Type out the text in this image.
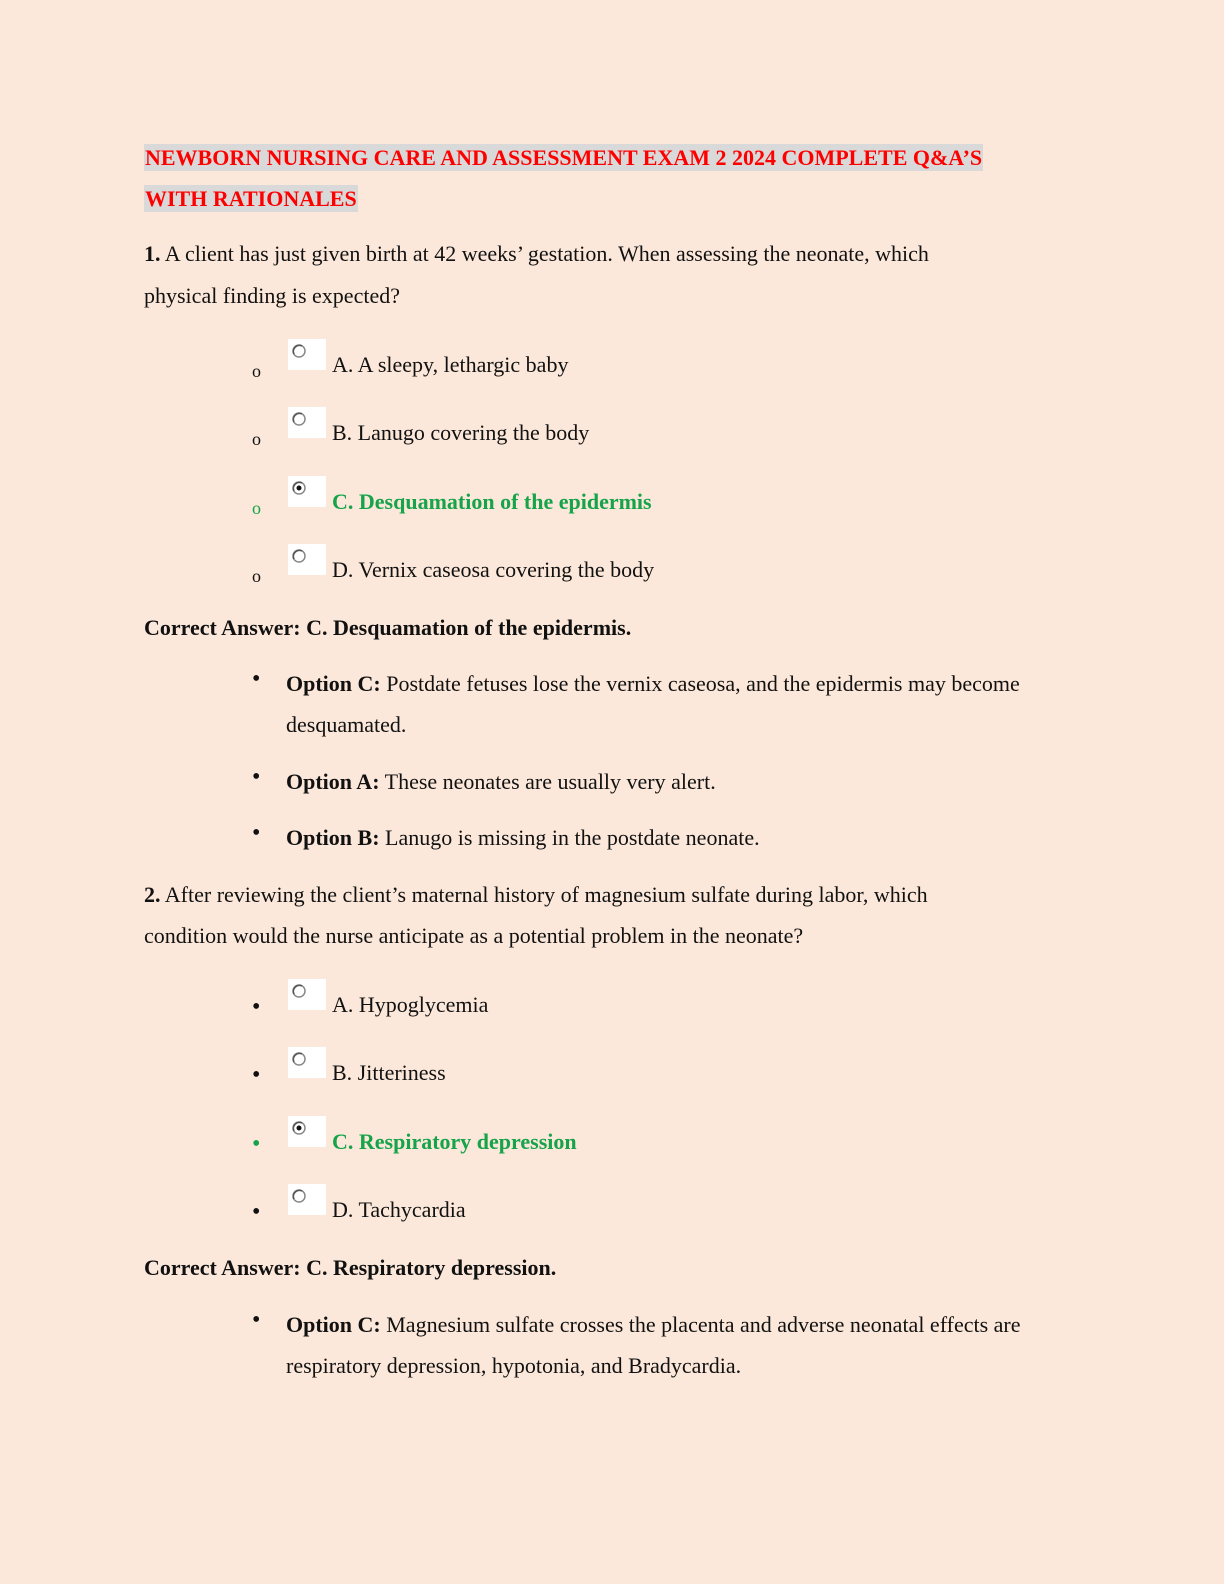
NEWBORN NURSING CARE AND ASSESSMENT EXAM 2 2024 COMPLETE Q&A’S
WITH RATIONALES
1. A client has just given birth at 42 weeks’ gestation. When assessing the neonate, which
physical finding is expected?
o	A. A sleepy, lethargic baby
o	B. Lanugo covering the body
o	C. Desquamation of the epidermis
o	D. Vernix caseosa covering the body
Correct Answer: C. Desquamation of the epidermis.
• Option C: Postdate fetuses lose the vernix caseosa, and the epidermis may become desquamated.
• Option A: These neonates are usually very alert.
• Option B: Lanugo is missing in the postdate neonate.
2. After reviewing the client’s maternal history of magnesium sulfate during labor, which
condition would the nurse anticipate as a potential problem in the neonate?
•	A. Hypoglycemia
•	B. Jitteriness
•	C. Respiratory depression
•	D. Tachycardia
Correct Answer: C. Respiratory depression.
• Option C: Magnesium sulfate crosses the placenta and adverse neonatal effects are respiratory depression, hypotonia, and Bradycardia.
